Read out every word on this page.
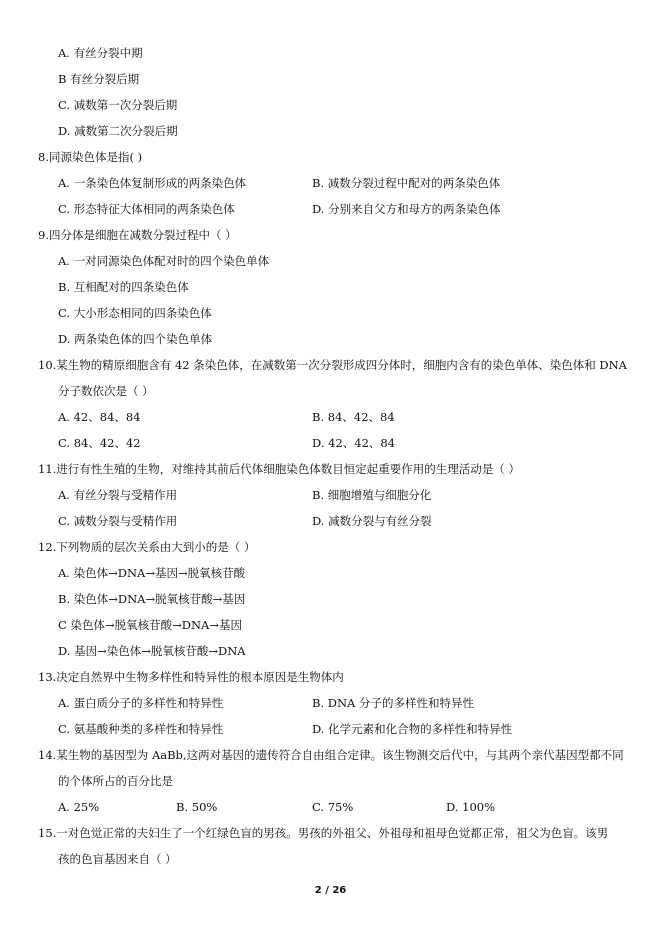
A. 有丝分裂中期
B 有丝分裂后期
C. 减数第一次分裂后期
D. 减数第二次分裂后期
8.同源染色体是指( )
A. 一条染色体复制形成的两条染色体	B. 减数分裂过程中配对的两条染色体
C. 形态特征大体相同的两条染色体	D. 分别来自父方和母方的两条染色体
9.四分体是细胞在减数分裂过程中（ ）
A. 一对同源染色体配对时的四个染色单体
B. 互相配对的四条染色体
C. 大小形态相同的四条染色体
D. 两条染色体的四个染色单体
10.某生物的精原细胞含有 42 条染色体，在减数第一次分裂形成四分体时，细胞内含有的染色单体、染色体和 DNA
分子数依次是（ ）
A. 42、84、84	B. 84、42、84
C. 84、42、42	D. 42、42、84
11.进行有性生殖的生物，对维持其前后代体细胞染色体数目恒定起重要作用的生理活动是（ ）
A. 有丝分裂与受精作用	B. 细胞增殖与细胞分化
C. 减数分裂与受精作用	D. 减数分裂与有丝分裂
12.下列物质的层次关系由大到小的是（ ）
A. 染色体→DNA→基因→脱氧核苷酸
B. 染色体→DNA→脱氧核苷酸→基因
C 染色体→脱氧核苷酸→DNA→基因
D. 基因→染色体→脱氧核苷酸→DNA
13.决定自然界中生物多样性和特异性的根本原因是生物体内
A. 蛋白质分子的多样性和特异性	B. DNA 分子的多样性和特异性
C. 氨基酸种类的多样性和特异性	D. 化学元素和化合物的多样性和特异性
14.某生物的基因型为 AaBb,这两对基因的遗传符合自由组合定律。该生物测交后代中，与其两个亲代基因型都不同
的个体所占的百分比是
A. 25%	B. 50%	C. 75%	D. 100%
15.一对色觉正常的夫妇生了一个红绿色盲的男孩。男孩的外祖父、外祖母和祖母色觉都正常，祖父为色盲。该男
孩的色盲基因来自（ ）
2 / 26
